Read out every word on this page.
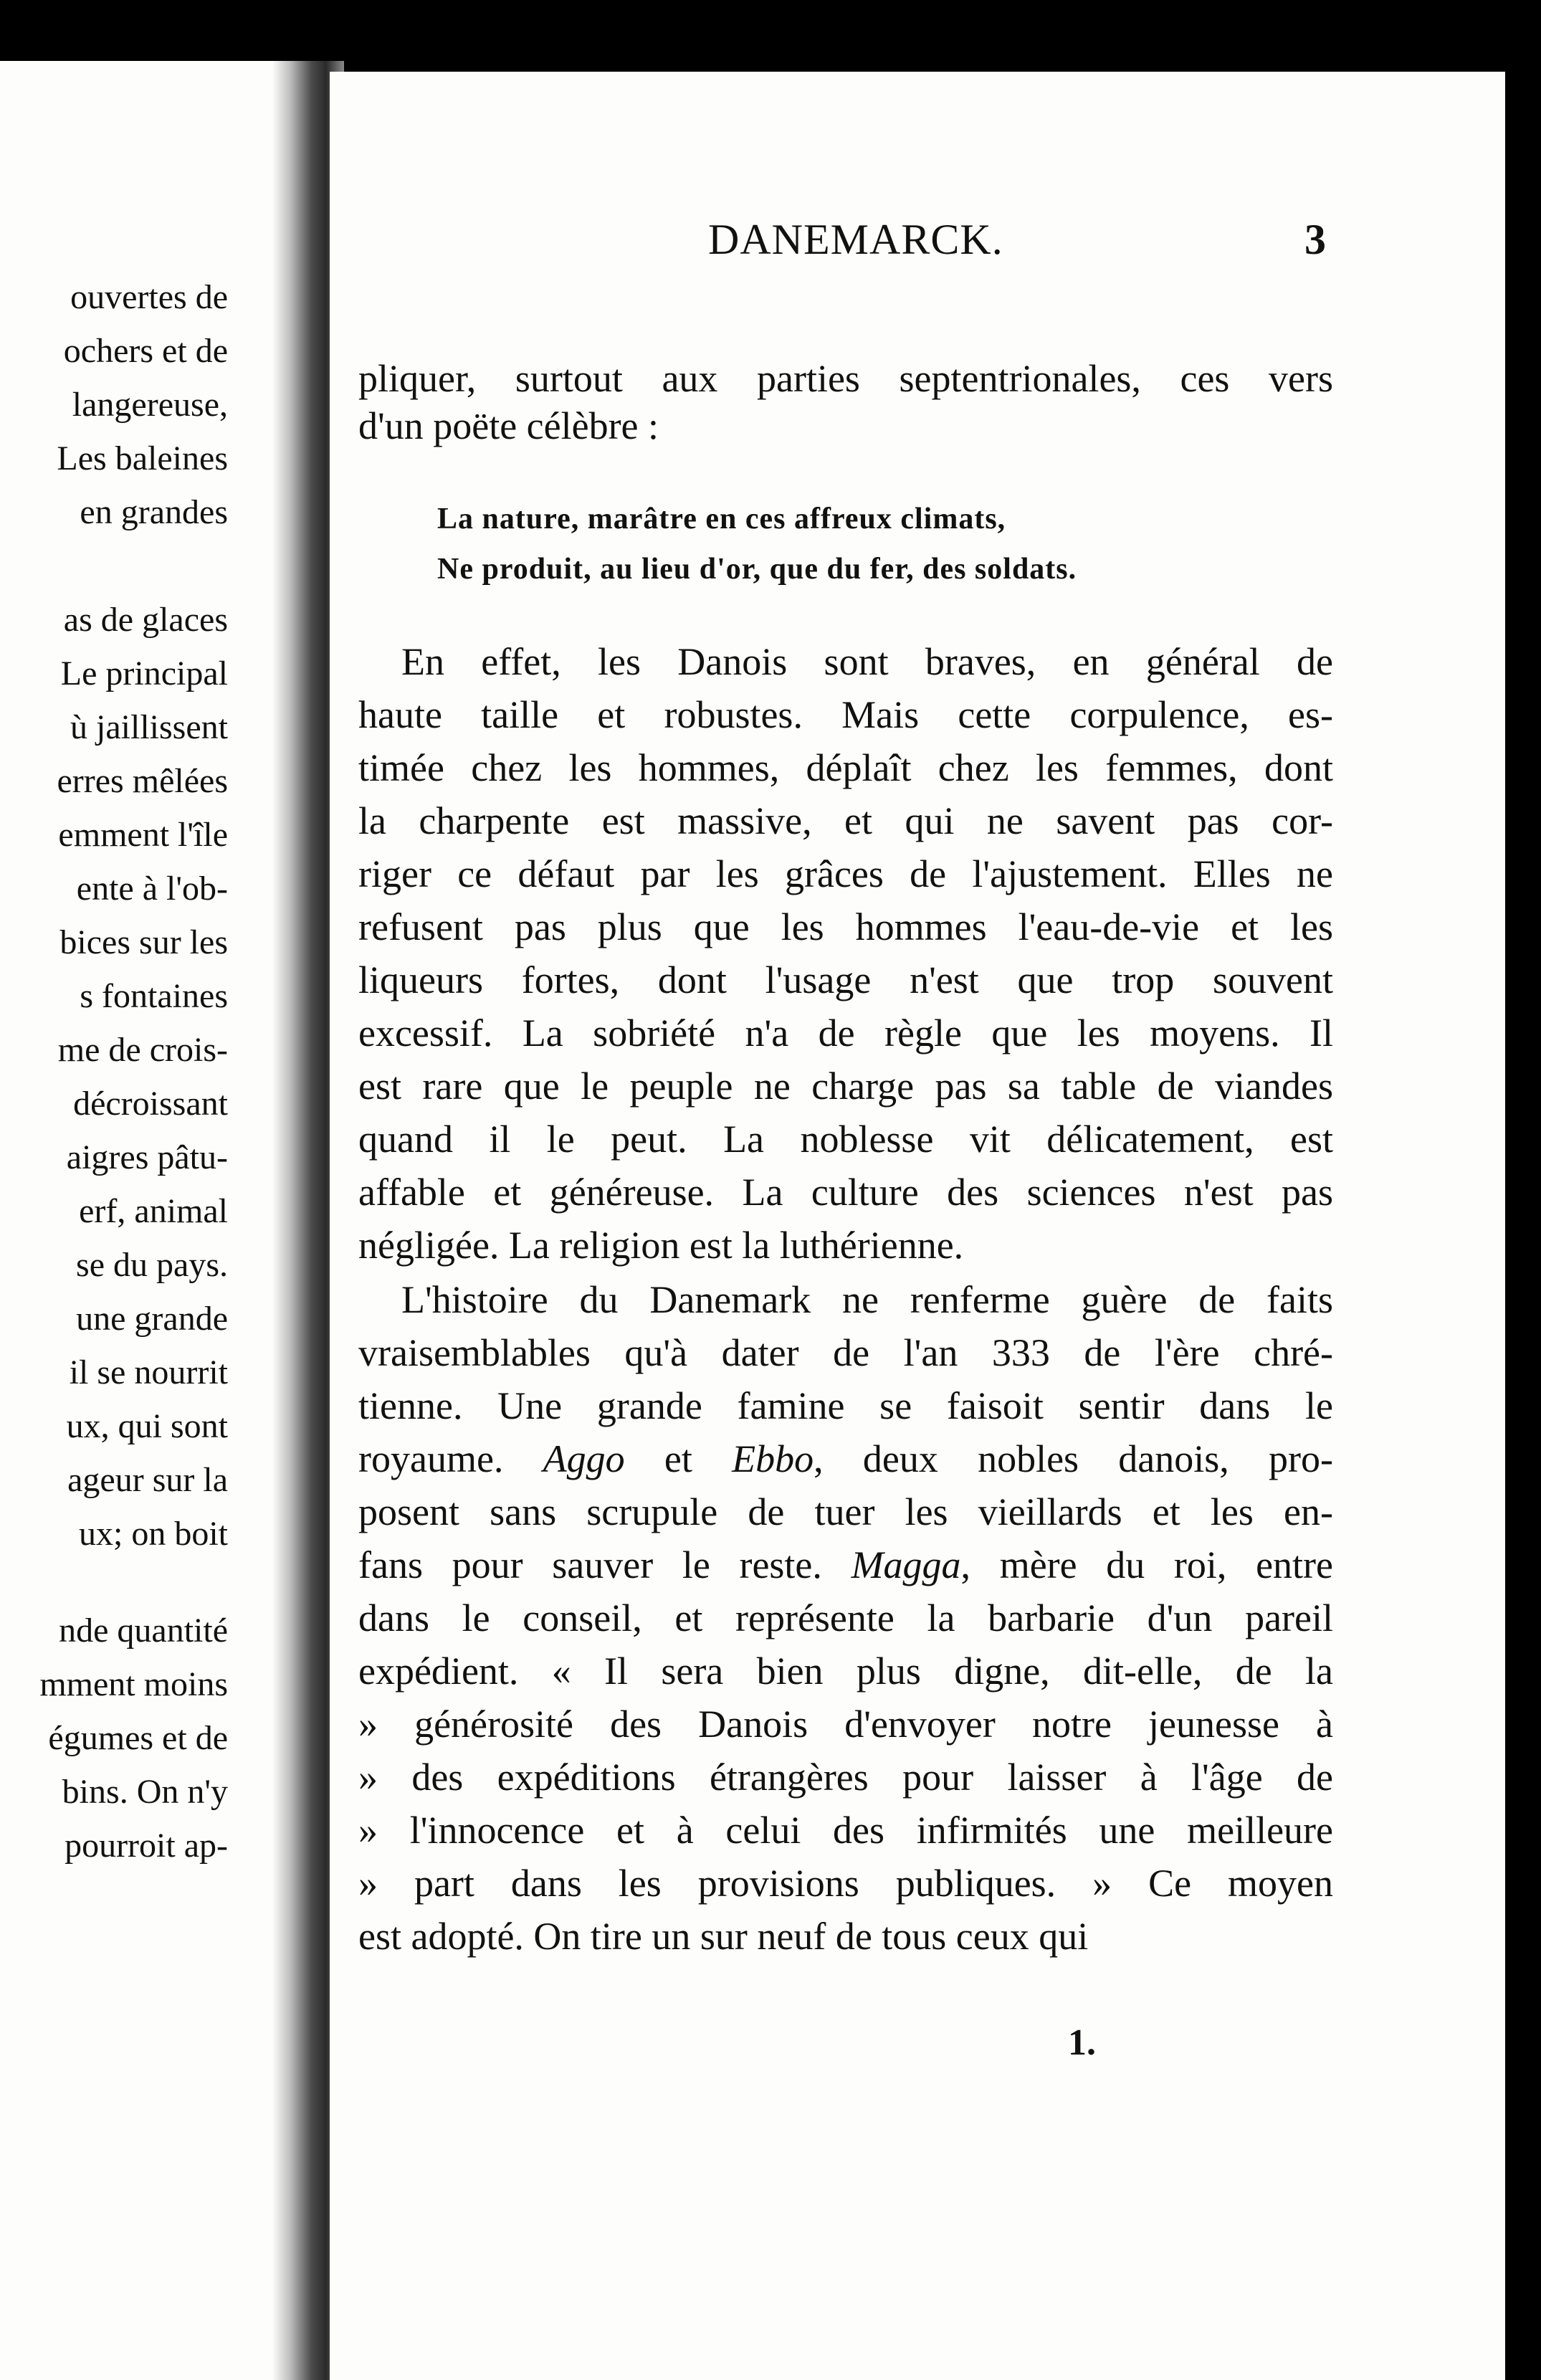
ouvertes de
ochers et de
langereuse,
Les baleines
en grandes
as de glaces
Le principal
ù jaillissent
erres mêlées
emment l'île
ente à l'ob-
bices sur les
s fontaines
me de crois-
décroissant
aigres pâtu-
erf, animal
se du pays.
une grande
il se nourrit
ux, qui sont
ageur sur la
ux; on boit
nde quantité
mment moins
égumes et de
bins. On n'y
pourroit ap-
DANEMARCK.	3
pliquer, surtout aux parties septentrionales, ces vers
d'un poëte célèbre :
La nature, marâtre en ces affreux climats,
Ne produit, au lieu d'or, que du fer, des soldats.
En effet, les Danois sont braves, en général de
haute taille et robustes. Mais cette corpulence, es-
timée chez les hommes, déplaît chez les femmes, dont
la charpente est massive, et qui ne savent pas cor-
riger ce défaut par les grâces de l'ajustement. Elles ne
refusent pas plus que les hommes l'eau-de-vie et les
liqueurs fortes, dont l'usage n'est que trop souvent
excessif. La sobriété n'a de règle que les moyens. Il
est rare que le peuple ne charge pas sa table de viandes
quand il le peut. La noblesse vit délicatement, est
affable et généreuse. La culture des sciences n'est pas
négligée. La religion est la luthérienne.
L'histoire du Danemark ne renferme guère de faits
vraisemblables qu'à dater de l'an 333 de l'ère chré-
tienne. Une grande famine se faisoit sentir dans le
royaume. Aggo et Ebbo, deux nobles danois, pro-
posent sans scrupule de tuer les vieillards et les en-
fans pour sauver le reste. Magga, mère du roi, entre
dans le conseil, et représente la barbarie d'un pareil
expédient. « Il sera bien plus digne, dit-elle, de la
» générosité des Danois d'envoyer notre jeunesse à
» des expéditions étrangères pour laisser à l'âge de
» l'innocence et à celui des infirmités une meilleure
» part dans les provisions publiques. » Ce moyen
est adopté. On tire un sur neuf de tous ceux qui
1.
